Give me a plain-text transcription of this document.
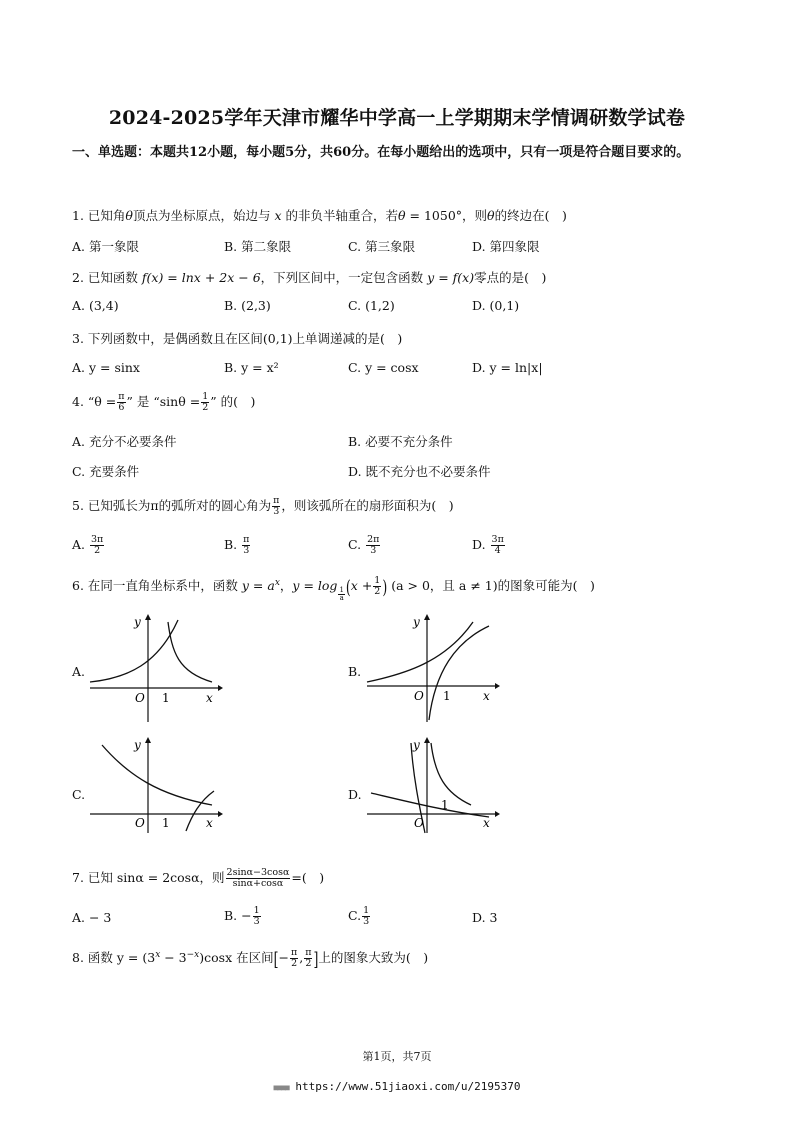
2024-2025学年天津市耀华中学高一上学期期末学情调研数学试卷
一、单选题：本题共12小题，每小题5分，共60分。在每小题给出的选项中，只有一项是符合题目要求的。
1. 已知角θ顶点为坐标原点，始边与 x 的非负半轴重合，若θ = 1050°，则θ的终边在(　)
A. 第一象限	B. 第二象限	C. 第三象限	D. 第四象限
2. 已知函数 f(x) = lnx + 2x − 6，下列区间中，一定包含函数 y = f(x)零点的是(　)
A. (3,4)	B. (2,3)	C. (1,2)	D. (0,1)
3. 下列函数中，是偶函数且在区间(0,1)上单调递减的是(　)
A. y = sinx	B. y = x²	C. y = cosx	D. y = ln|x|
4. “$\theta = \frac{\pi}{6}$ ” 是 “$\sin\theta = \frac{1}{2}$ ” 的(　)
A. 充分不必要条件	B. 必要不充分条件
C. 充要条件	D. 既不充分也不必要条件
5. 已知弧长为π的弧所对的圆心角为 $\frac{\pi}{3}$ ，则该弧所在的扇形面积为(　)
A. $\frac{3\pi}{2}$	B. $\frac{\pi}{3}$	C. $\frac{2\pi}{3}$	D. $\frac{3\pi}{4}$
6. 在同一直角坐标系中，函数 $y = a^x$，y = log
$\frac{1}{a} (x + \frac{1}{2}$ ) (a > 0，且 a ≠ 1)的图象可能为(　)
A.
y
x
O 1
B.
y
x
O 1
C.
y
x
O 1
D.
y
x
O
1
7. 已知 sinα = 2cosα，则 $\frac{2\sin\alpha-3\cos\alpha}{\sin\alpha+\cos\alpha}$ =(　)
A. − 3	B. − $\frac{1}{3}$	C. $\frac{1}{3}$	D. 3
8. 函数 $y = (3^x - 3^{-x})\cos x$ 在区间[− $\frac{\pi}{2}$ , $\frac{\pi}{2}$ ]上的图象大致为(　)
第1页，共7页
■■■■ https://www.51jiaoxi.com/u/2195370
